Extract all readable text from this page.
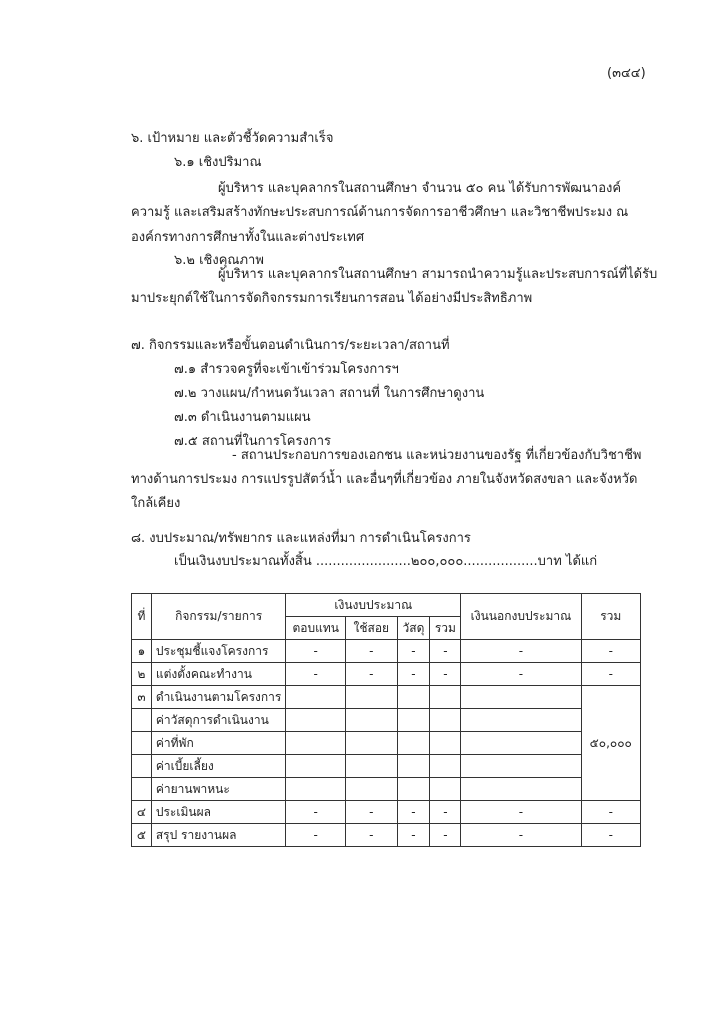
(๓๔๔)
๖. เป้าหมาย และตัวชี้วัดความสำเร็จ
๖.๑ เชิงปริมาณ
ผู้บริหาร และบุคลากรในสถานศึกษา จำนวน ๕๐ คน ได้รับการพัฒนาองค์
ความรู้ และเสริมสร้างทักษะประสบการณ์ด้านการจัดการอาชีวศึกษา และวิชาชีพประมง ณ
องค์กรทางการศึกษาทั้งในและต่างประเทศ
๖.๒ เชิงคุณภาพ
ผู้บริหาร และบุคลากรในสถานศึกษา สามารถนำความรู้และประสบการณ์ที่ได้รับ
มาประยุกต์ใช้ในการจัดกิจกรรมการเรียนการสอน ได้อย่างมีประสิทธิภาพ
๗. กิจกรรมและหรือขั้นตอนดำเนินการ/ระยะเวลา/สถานที่
๗.๑ สำรวจครูที่จะเข้าเข้าร่วมโครงการฯ
๗.๒ วางแผน/กำหนดวันเวลา สถานที่ ในการศึกษาดูงาน
๗.๓ ดำเนินงานตามแผน
๗.๕ สถานที่ในการโครงการ
- สถานประกอบการของเอกชน และหน่วยงานของรัฐ ที่เกี่ยวข้องกับวิชาชีพ
ทางด้านการประมง การแปรรูปสัตว์น้ำ และอื่นๆที่เกี่ยวข้อง ภายในจังหวัดสงขลา และจังหวัด
ใกล้เคียง
๘. งบประมาณ/ทรัพยากร และแหล่งที่มา การดำเนินโครงการ
เป็นเงินงบประมาณทั้งสิ้น .......................๒๐๐,๐๐๐..................บาท ได้แก่
ที่	กิจกรรม/รายการ	เงินงบประมาณ				เงินนอกงบประมาณ	รวม
		ตอบแทน	ใช้สอย	วัสดุ	รวม		
๑	ประชุมชี้แจงโครงการ	-	-	-	-	-	-
๒	แต่งตั้งคณะทำงาน	-	-	-	-	-	-
๓	ดำเนินงานตามโครงการ						๕๐,๐๐๐
	ค่าวัสดุการดำเนินงาน						
	ค่าที่พัก						
	ค่าเบี้ยเลี้ยง						
	ค่ายานพาหนะ						
๔	ประเมินผล	-	-	-	-	-	-
๕	สรุป รายงานผล	-	-	-	-	-	-
